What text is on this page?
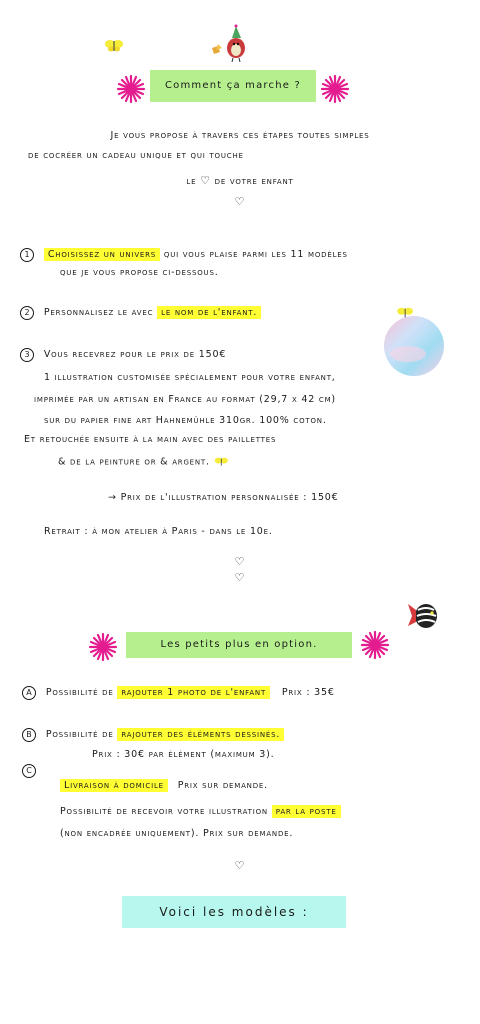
Comment ça marche ?
Je vous propose à travers ces étapes toutes simples
de cocréer un cadeau unique et qui touche
le ♡ de votre enfant
♡
1 Choisissez un univers qui vous plaise parmi les 11 modèles
que je vous propose ci-dessous.
2 Personnalisez le avec le nom de l'enfant.
3 Vous recevrez pour le prix de 150€
1 illustration customisée spécialement pour votre enfant,
imprimée par un artisan en France au format (29,7 x 42 cm)
sur du papier fine art Hahnemühle 310gr. 100% coton.
Et retouchée ensuite à la main avec des paillettes
& de la peinture or & argent.
→ Prix de l'illustration personnalisée : 150€
Retrait : à mon atelier à Paris - dans le 10e.
♡
♡
Les petits plus en option.
A Possibilité de rajouter 1 photo de l'enfant Prix : 35€
B Possibilité de rajouter des éléments dessinés.
Prix : 30€ par élément (maximum 3).
C
Livraison à domicile Prix sur demande.
Possibilité de recevoir votre illustration par la poste
(non encadrée uniquement). Prix sur demande.
♡
Voici les modèles :
